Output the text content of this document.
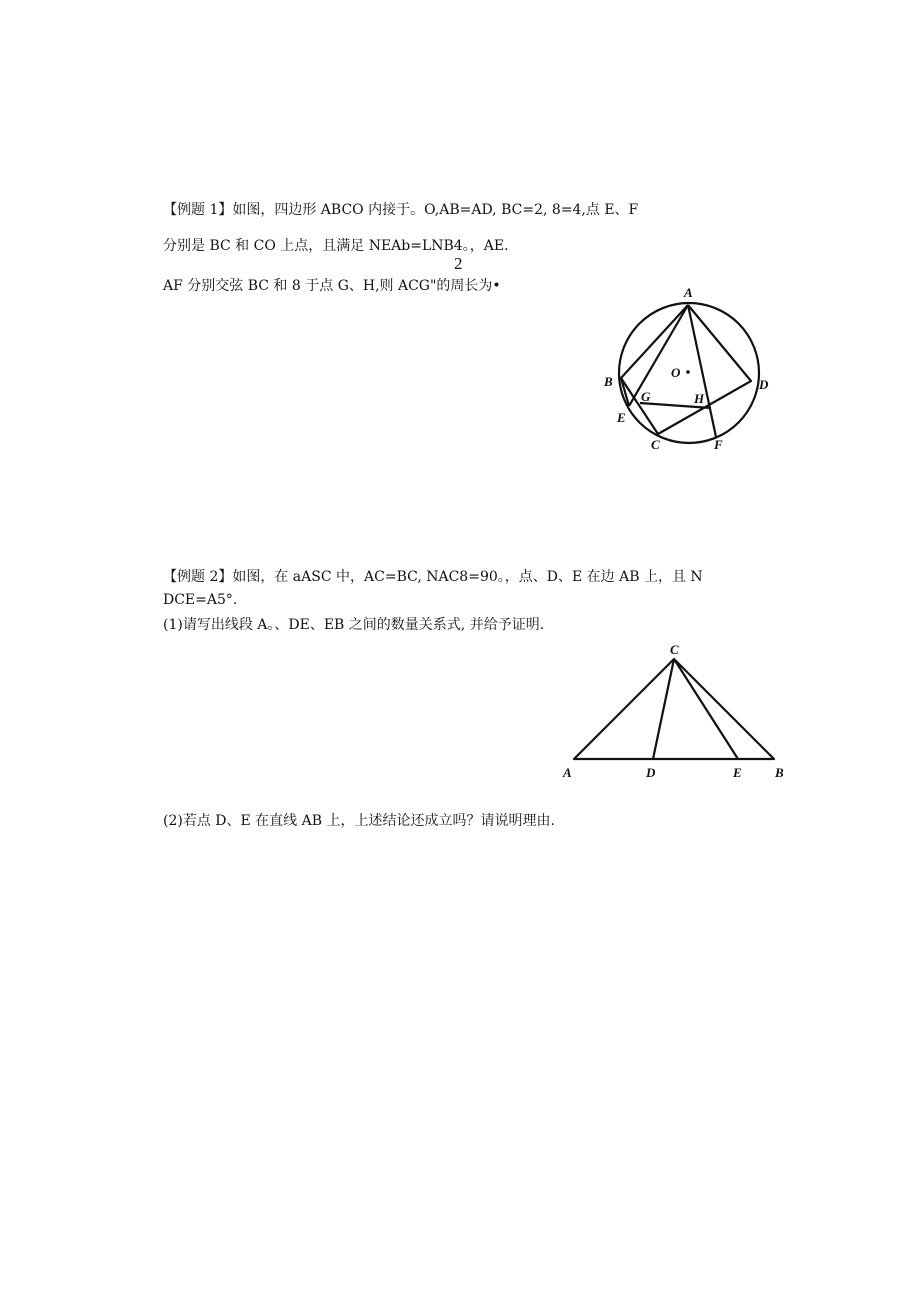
【例题 1】如图，四边形 ABCO 内接于。O,AB=AD, BC=2, 8=4,点 E、F
分别是 BC 和 CO 上点，且满足 NEAb=LNB4。，AE.
2
AF 分别交弦 BC 和 8 于点 G、H,则 ACG"的周长为•	A
B
C
D
E
F
G	H
O
【例题 2】如图，在 aASC 中，AC=BC, NAC8=90。，点、D、E 在边 AB 上，且 N
DCE=A5°.
(1)请写出线段 A。、DE、EB 之间的数量关系式, 并给予证明.
C
A	D	E	B
(2)若点 D、E 在直线 AB 上，上述结论还成立吗？请说明理由.
